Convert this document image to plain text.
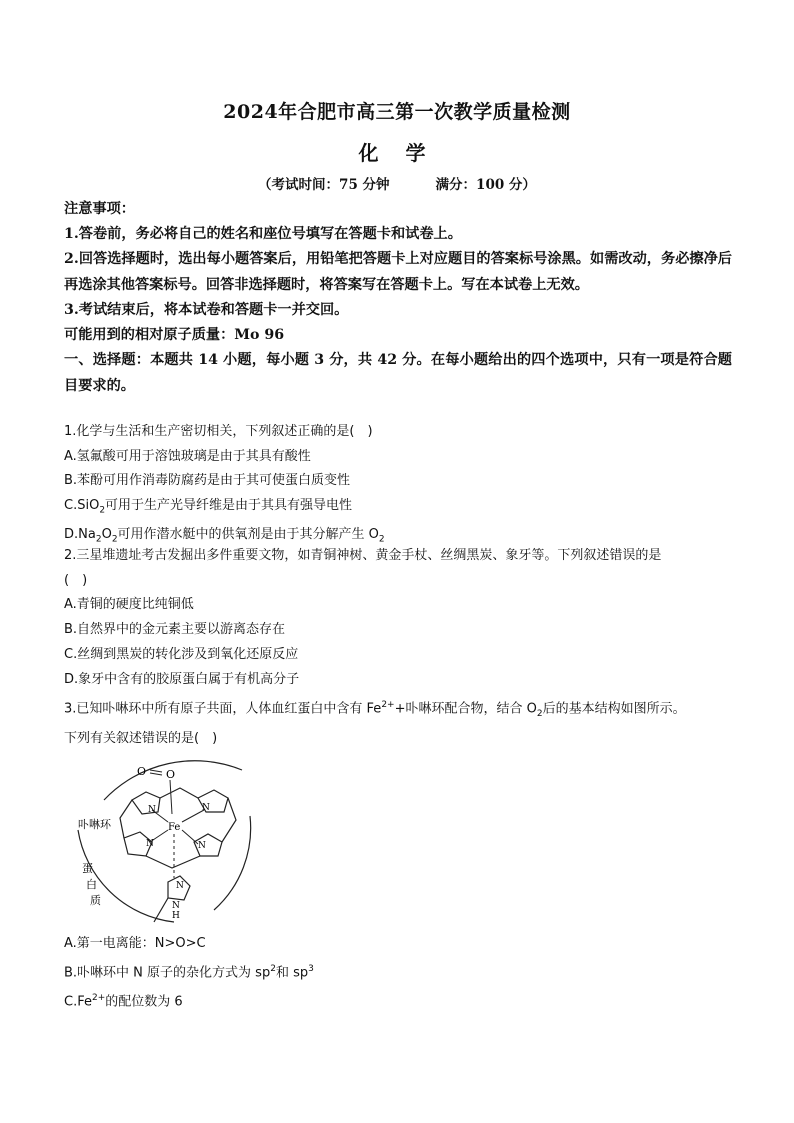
2024年合肥市高三第一次教学质量检测
化 学
（考试时间：75 分钟	满分：100 分）

注意事项：

1.答卷前，务必将自己的姓名和座位号填写在答题卡和试卷上。

2.回答选择题时，选出每小题答案后，用铅笔把答题卡上对应题目的答案标号涂黑。如需改动，务必擦净后再选涂其他答案标号。回答非选择题时，将答案写在答题卡上。写在本试卷上无效。

3.考试结束后，将本试卷和答题卡一并交回。

可能用到的相对原子质量：Mo 96

一、选择题：本题共 14 小题，每小题 3 分，共 42 分。在每小题给出的四个选项中，只有一项是符合题目要求的。

1.化学与生活和生产密切相关，下列叙述正确的是(　)

A.氢氟酸可用于溶蚀玻璃是由于其具有酸性

B.苯酚可用作消毒防腐药是由于其可使蛋白质变性

C.SiO$_2$可用于生产光导纤维是由于其具有强导电性

$D.Na_2O_2$可用作潜水艇中的供氧剂是由于其分解产生 $O_2$

2.三星堆遗址考古发掘出多件重要文物，如青铜神树、黄金手杖、丝绸黑炭、象牙等。下列叙述错误的是

(　)

A.青铜的硬度比纯铜低

B.自然界中的金元素主要以游离态存在

C.丝绸到黑炭的转化涉及到氧化还原反应

D.象牙中含有的胶原蛋白属于有机高分子

3.已知卟啉环中所有原子共面，人体血红蛋白中含有 $Fe^{2+}+$卟啉环配合物，结合 $O_2$后的基本结构如图所示。

下列有关叙述错误的是(　)

O O
N	N
N	N
Fe
N
N
H
卟啉环
蛋
白
质

A.第一电离能：N>O>C

B.卟啉环中 N 原子的杂化方式为 $sp^2$和 $sp^3$

$C.Fe^{2+}$的配位数为 6
